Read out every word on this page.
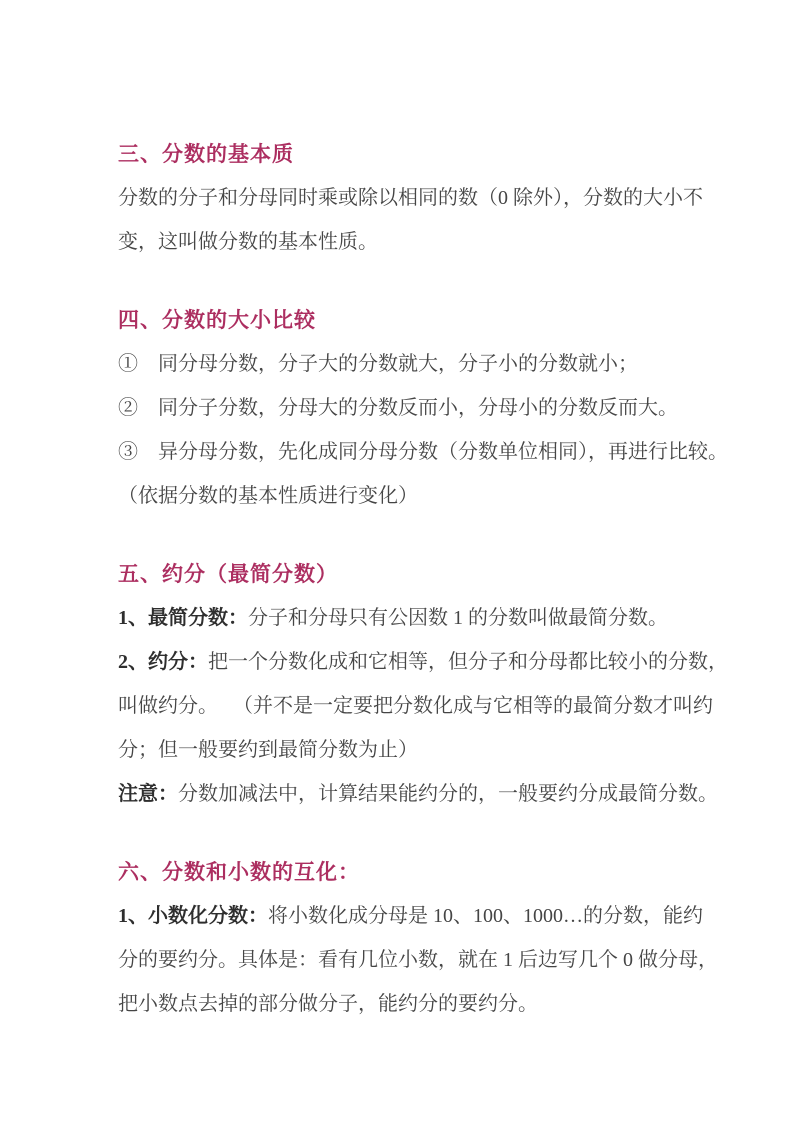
三、分数的基本质
分数的分子和分母同时乘或除以相同的数（0 除外），分数的大小不
变，这叫做分数的基本性质。
四、分数的大小比较
①　同分母分数，分子大的分数就大，分子小的分数就小；
②　同分子分数，分母大的分数反而小，分母小的分数反而大。
③　异分母分数，先化成同分母分数（分数单位相同），再进行比较。
（依据分数的基本性质进行变化）
五、约分（最简分数）
1、最简分数：分子和分母只有公因数 1 的分数叫做最简分数。
2、约分：把一个分数化成和它相等，但分子和分母都比较小的分数，
叫做约分。　 （并不是一定要把分数化成与它相等的最简分数才叫约
分；但一般要约到最简分数为止）
注意：分数加减法中，计算结果能约分的，一般要约分成最简分数。
六、分数和小数的互化：
1、小数化分数：将小数化成分母是 10、100、1000…的分数，能约
分的要约分。具体是：看有几位小数，就在 1 后边写几个 0 做分母，
把小数点去掉的部分做分子，能约分的要约分。
